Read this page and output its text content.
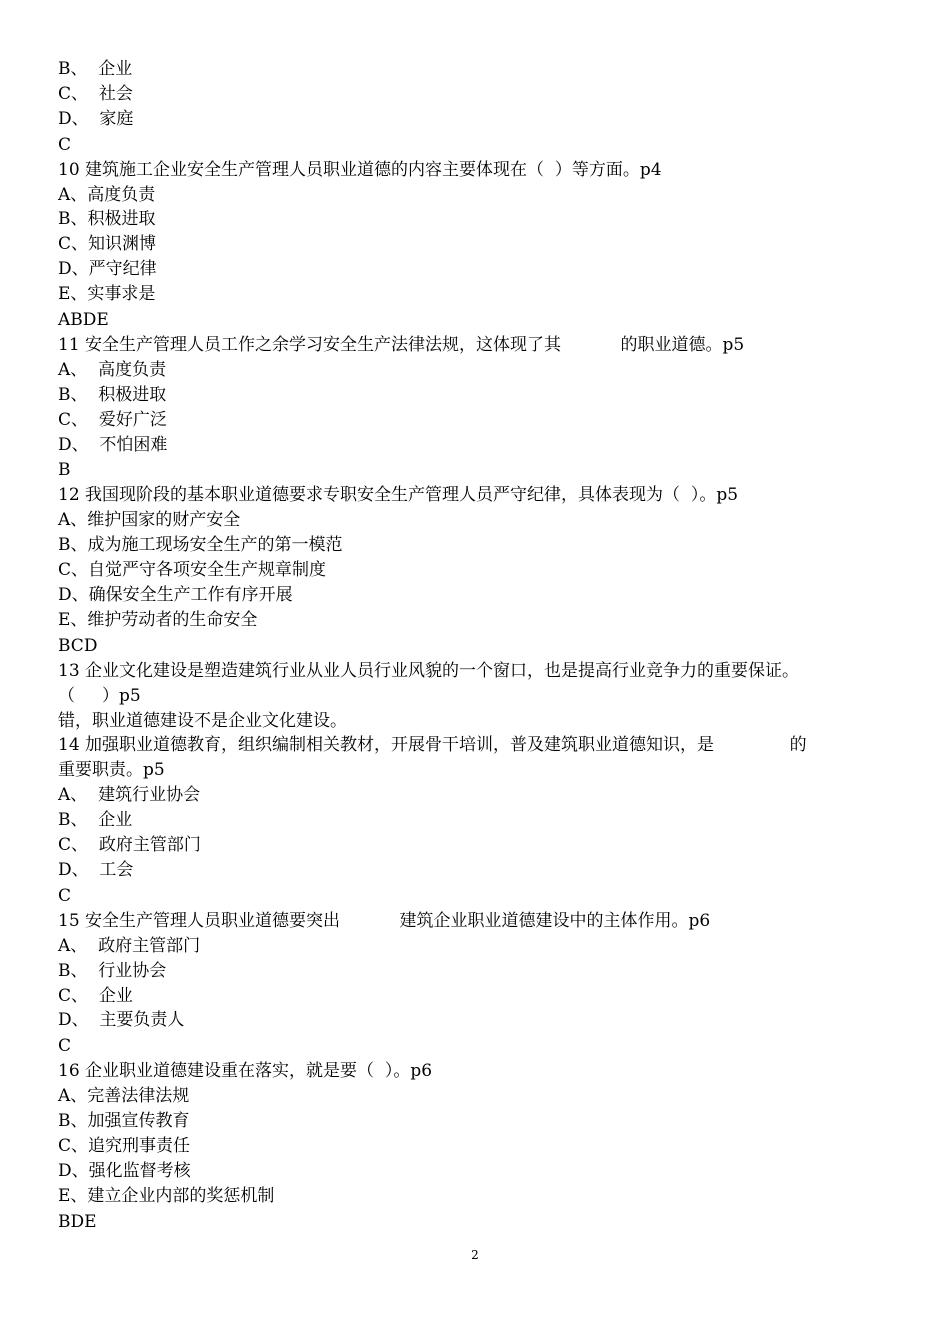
B、  企业
C、  社会
D、  家庭
C
10 建筑施工企业安全生产管理人员职业道德的内容主要体现在（  ）等方面。p4
A、高度负责
B、积极进取
C、知识渊博
D、严守纪律
E、实事求是
ABDE
11 安全生产管理人员工作之余学习安全生产法律法规，这体现了其           的职业道德。p5
A、  高度负责
B、  积极进取
C、  爱好广泛
D、  不怕困难
B
12 我国现阶段的基本职业道德要求专职安全生产管理人员严守纪律，具体表现为（  ）。p5
A、维护国家的财产安全
B、成为施工现场安全生产的第一模范
C、自觉严守各项安全生产规章制度
D、确保安全生产工作有序开展
E、维护劳动者的生命安全
BCD
13 企业文化建设是塑造建筑行业从业人员行业风貌的一个窗口，也是提高行业竞争力的重要保证。
（     ）p5
错，职业道德建设不是企业文化建设。
14 加强职业道德教育，组织编制相关教材，开展骨干培训，普及建筑职业道德知识，是              的
重要职责。p5
A、  建筑行业协会
B、  企业
C、  政府主管部门
D、  工会
C
15 安全生产管理人员职业道德要突出           建筑企业职业道德建设中的主体作用。p6
A、  政府主管部门
B、  行业协会
C、  企业
D、  主要负责人
C
16 企业职业道德建设重在落实，就是要（  ）。p6
A、完善法律法规
B、加强宣传教育
C、追究刑事责任
D、强化监督考核
E、建立企业内部的奖惩机制
BDE
2
